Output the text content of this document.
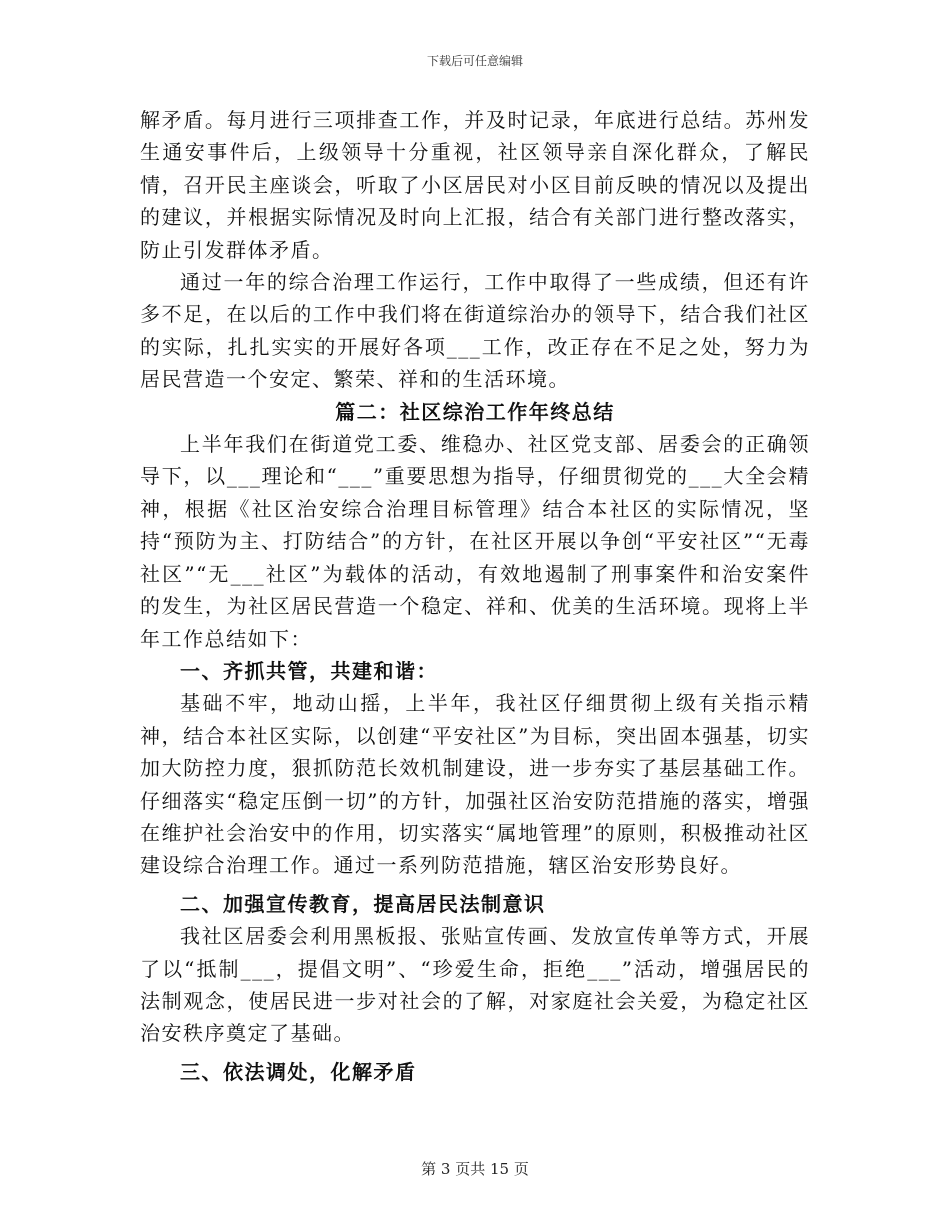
下载后可任意编辑

解矛盾。每月进行三项排查工作，并及时记录，年底进行总结。苏州发生通安事件后，上级领导十分重视，社区领导亲自深化群众，了解民情，召开民主座谈会，听取了小区居民对小区目前反映的情况以及提出的建议，并根据实际情况及时向上汇报，结合有关部门进行整改落实，防止引发群体矛盾。

通过一年的综合治理工作运行，工作中取得了一些成绩，但还有许多不足，在以后的工作中我们将在街道综治办的领导下，结合我们社区的实际，扎扎实实的开展好各项___工作，改正存在不足之处，努力为居民营造一个安定、繁荣、祥和的生活环境。

篇二：社区综治工作年终总结

上半年我们在街道党工委、维稳办、社区党支部、居委会的正确领导下，以___理论和“___”重要思想为指导，仔细贯彻党的___大全会精神，根据《社区治安综合治理目标管理》结合本社区的实际情况，坚持“预防为主、打防结合”的方针，在社区开展以争创“平安社区”“无毒社区”“无___社区”为载体的活动，有效地遏制了刑事案件和治安案件的发生，为社区居民营造一个稳定、祥和、优美的生活环境。现将上半年工作总结如下：

一、齐抓共管，共建和谐：

基础不牢，地动山摇，上半年，我社区仔细贯彻上级有关指示精神，结合本社区实际，以创建“平安社区”为目标，突出固本强基，切实加大防控力度，狠抓防范长效机制建设，进一步夯实了基层基础工作。仔细落实“稳定压倒一切”的方针，加强社区治安防范措施的落实，增强在维护社会治安中的作用，切实落实“属地管理”的原则，积极推动社区建设综合治理工作。通过一系列防范措施，辖区治安形势良好。

二、加强宣传教育，提高居民法制意识

我社区居委会利用黑板报、张贴宣传画、发放宣传单等方式，开展了以“抵制___，提倡文明”、“珍爱生命，拒绝___”活动，增强居民的法制观念，使居民进一步对社会的了解，对家庭社会关爱，为稳定社区治安秩序奠定了基础。

三、依法调处，化解矛盾

第 3 页共 15 页
